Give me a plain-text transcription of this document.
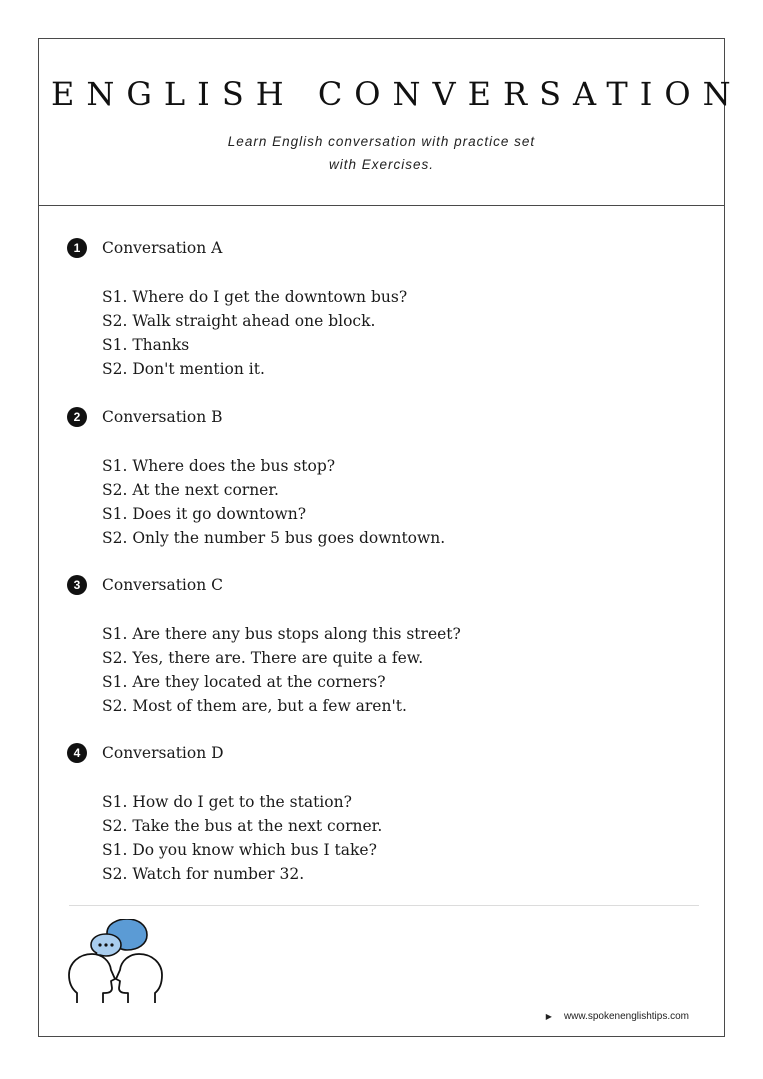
ENGLISH CONVERSATION
Learn English conversation with practice set
with Exercises.
1	Conversation A
S1. Where do I get the downtown bus?
S2. Walk straight ahead one block.
S1. Thanks
S2. Don't mention it.
2	Conversation B
S1. Where does the bus stop?
S2. At the next corner.
S1. Does it go downtown?
S2. Only the number 5 bus goes downtown.
3	Conversation C
S1. Are there any bus stops along this street?
S2. Yes, there are. There are quite a few.
S1. Are they located at the corners?
S2. Most of them are, but a few aren't.
4	Conversation D
S1. How do I get to the station?
S2. Take the bus at the next corner.
S1. Do you know which bus I take?
S2. Watch for number 32.
▶ www.spokenenglishtips.com
